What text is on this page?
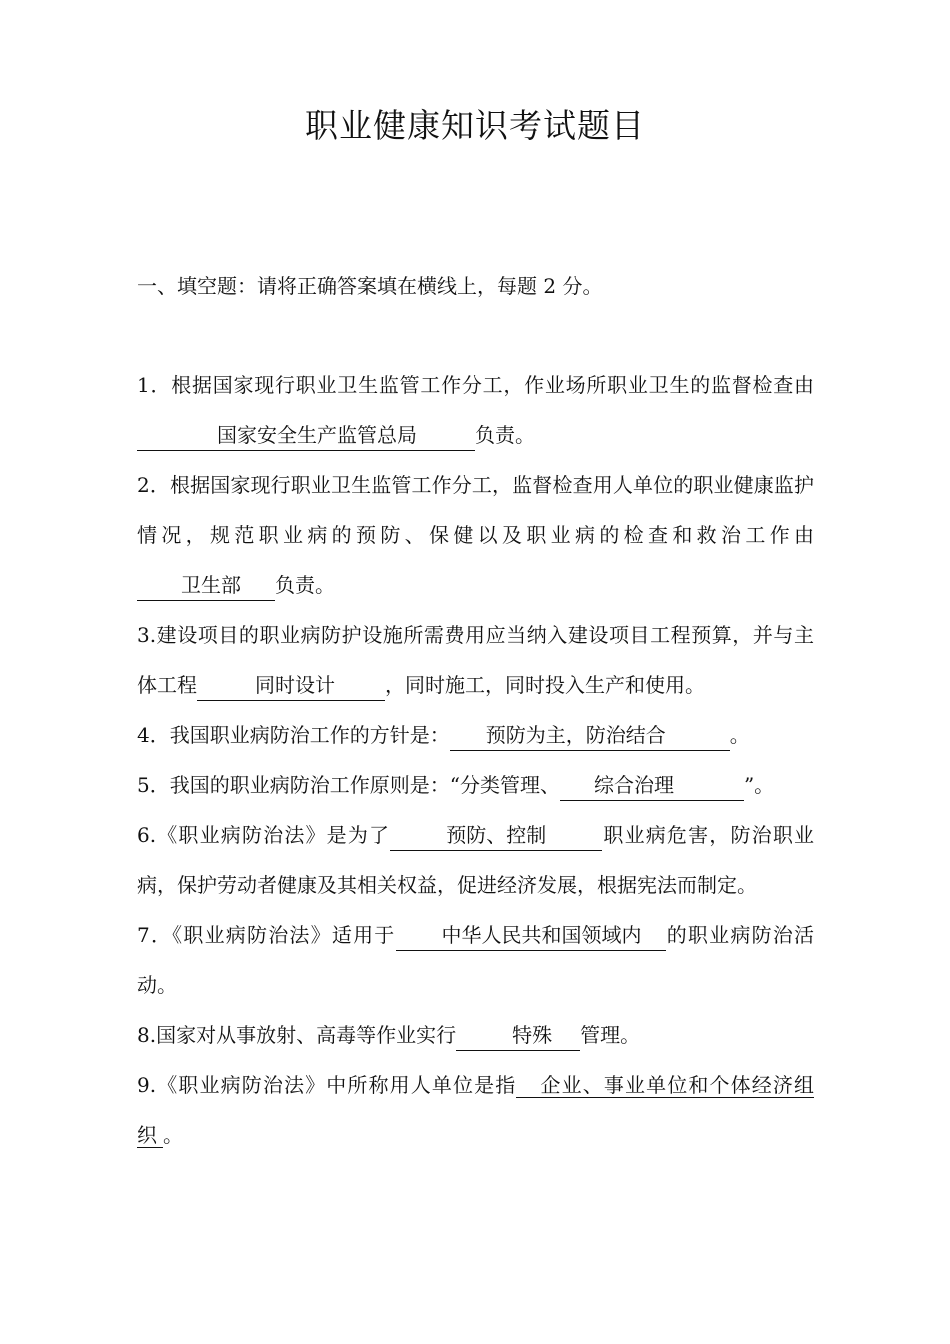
职业健康知识考试题目
一、填空题：请将正确答案填在横线上，每题 2 分。

1．根据国家现行职业卫生监管工作分工，作业场所职业卫生的监督检查由国家安全生产监管总局	负责。

2．根据国家现行职业卫生监管工作分工，监督检查用人单位的职业健康监护情况，规范职业病的预防、保健以及职业病的检查和救治工作由卫生部 负责。

3.建设项目的职业病防护设施所需费用应当纳入建设项目工程预算，并与主体工程	同时设计	，同时施工，同时投入生产和使用。

4．我国职业病防治工作的方针是： 预防为主，防治结合	。

5．我国的职业病防治工作原则是：“分类管理、 综合治理	”。

6.《职业病防治法》是为了	预防、控制	职业病危害，防治职业病，保护劳动者健康及其相关权益，促进经济发展，根据宪法而制定。

7．《职业病防治法》适用于 中华人民共和国领域内 的职业病防治活动。

8.国家对从事放射、高毒等作业实行	特殊 管理。

9.《职业病防治法》中所称用人单位是指 企业、事业单位和个体经济组织 。
